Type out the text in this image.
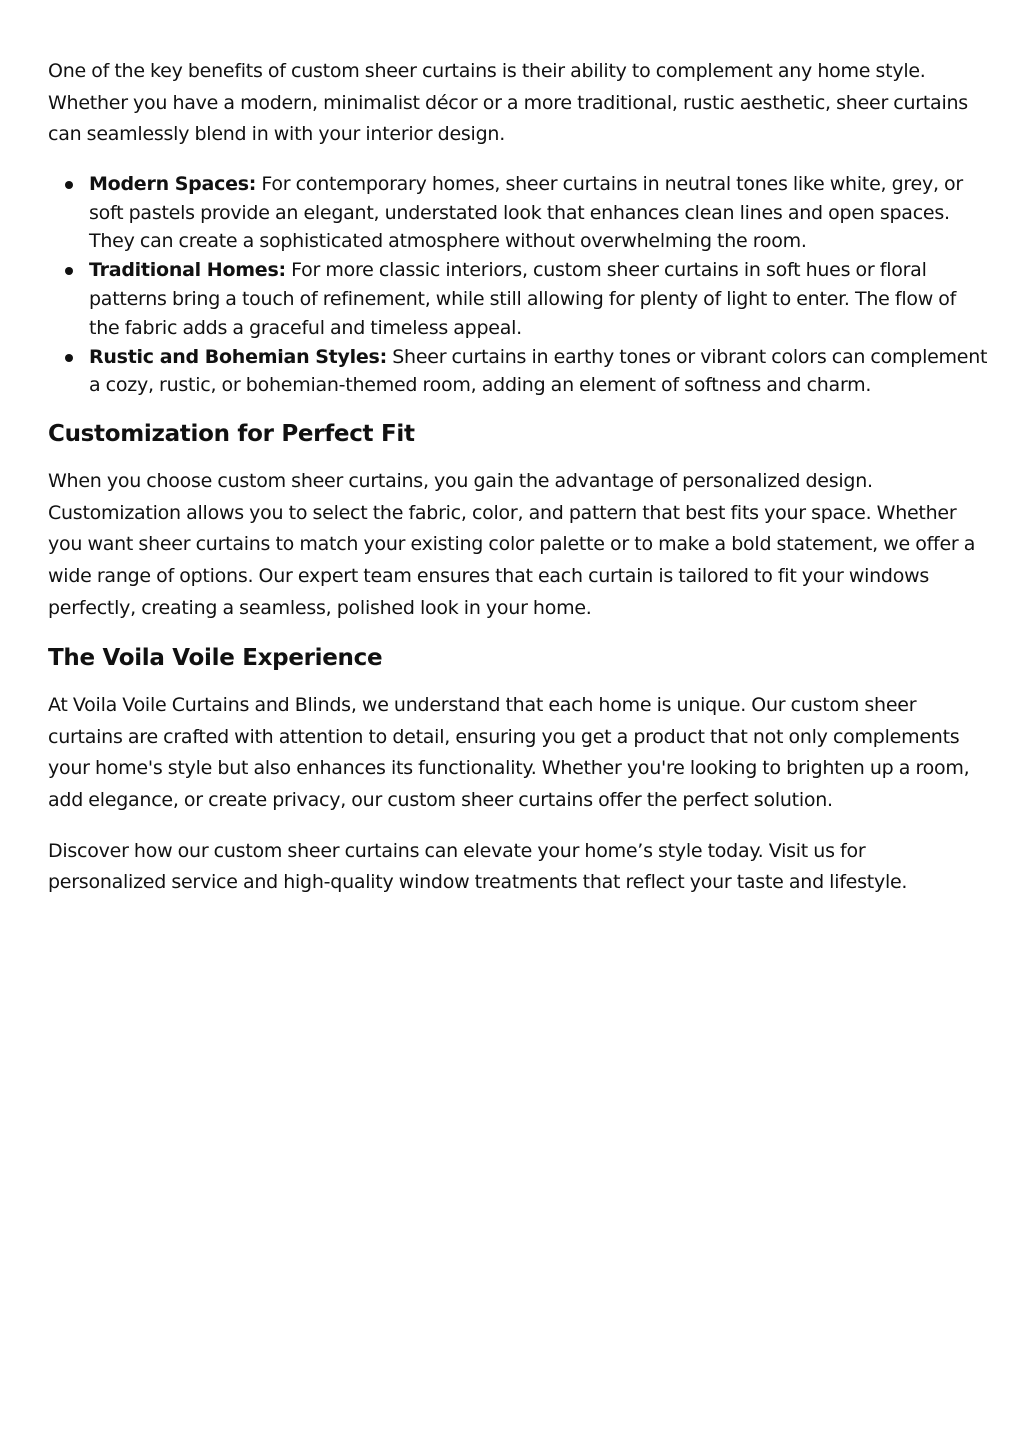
One of the key benefits of custom sheer curtains is their ability to complement any home style. Whether you have a modern, minimalist décor or a more traditional, rustic aesthetic, sheer curtains can seamlessly blend in with your interior design.

Modern Spaces: For contemporary homes, sheer curtains in neutral tones like white, grey, or soft pastels provide an elegant, understated look that enhances clean lines and open spaces. They can create a sophisticated atmosphere without overwhelming the room.
Traditional Homes: For more classic interiors, custom sheer curtains in soft hues or floral patterns bring a touch of refinement, while still allowing for plenty of light to enter. The flow of the fabric adds a graceful and timeless appeal.
Rustic and Bohemian Styles: Sheer curtains in earthy tones or vibrant colors can complement a cozy, rustic, or bohemian-themed room, adding an element of softness and charm.
Customization for Perfect Fit

When you choose custom sheer curtains, you gain the advantage of personalized design. Customization allows you to select the fabric, color, and pattern that best fits your space. Whether you want sheer curtains to match your existing color palette or to make a bold statement, we offer a wide range of options. Our expert team ensures that each curtain is tailored to fit your windows perfectly, creating a seamless, polished look in your home.

The Voila Voile Experience

At Voila Voile Curtains and Blinds, we understand that each home is unique. Our custom sheer curtains are crafted with attention to detail, ensuring you get a product that not only complements your home's style but also enhances its functionality. Whether you're looking to brighten up a room, add elegance, or create privacy, our custom sheer curtains offer the perfect solution.

Discover how our custom sheer curtains can elevate your home’s style today. Visit us for personalized service and high-quality window treatments that reflect your taste and lifestyle.
